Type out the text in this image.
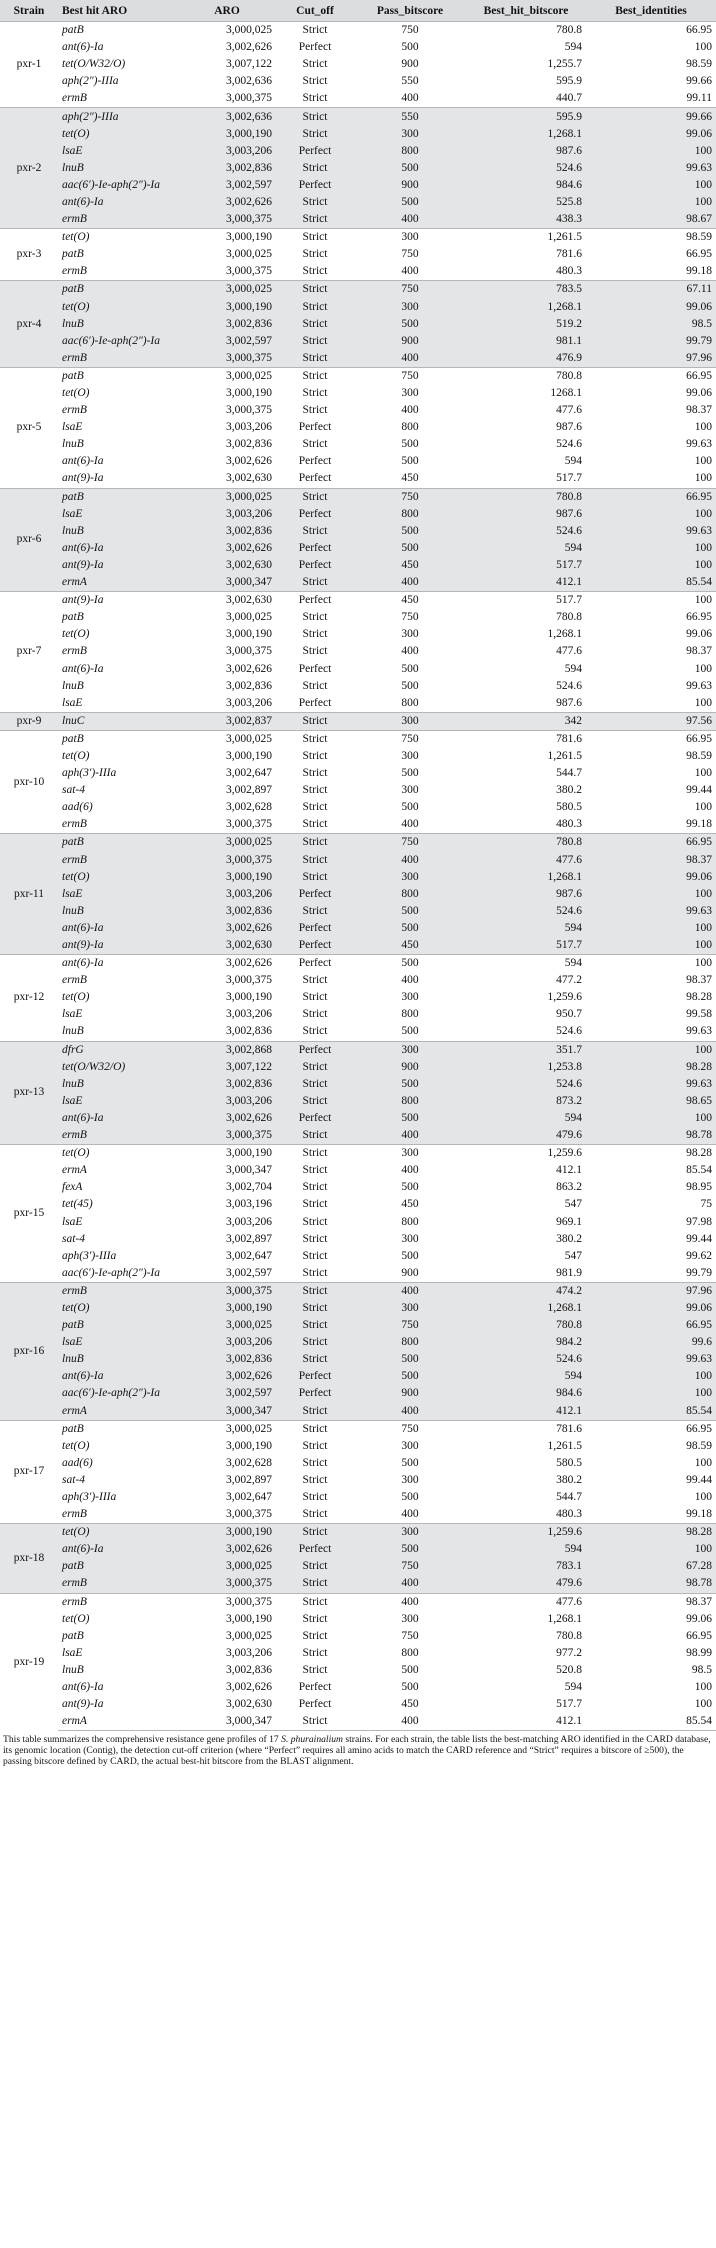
Strain	Best hit ARO	ARO	Cut_off	Pass_bitscore	Best_hit_bitscore	Best_identities
pxr-1	patB	3,000,025	Strict	750	780.8	66.95
	ant(6)-Ia	3,002,626	Perfect	500	594	100
	tet(O/W32/O)	3,007,122	Strict	900	1,255.7	98.59
	aph(2″)-IIIa	3,002,636	Strict	550	595.9	99.66
	ermB	3,000,375	Strict	400	440.7	99.11
pxr-2	aph(2″)-IIIa	3,002,636	Strict	550	595.9	99.66
	tet(O)	3,000,190	Strict	300	1,268.1	99.06
	lsaE	3,003,206	Perfect	800	987.6	100
	lnuB	3,002,836	Strict	500	524.6	99.63
	aac(6′)-Ie-aph(2″)-Ia	3,002,597	Perfect	900	984.6	100
	ant(6)-Ia	3,002,626	Strict	500	525.8	100
	ermB	3,000,375	Strict	400	438.3	98.67
pxr-3	tet(O)	3,000,190	Strict	300	1,261.5	98.59
	patB	3,000,025	Strict	750	781.6	66.95
	ermB	3,000,375	Strict	400	480.3	99.18
pxr-4	patB	3,000,025	Strict	750	783.5	67.11
	tet(O)	3,000,190	Strict	300	1,268.1	99.06
	lnuB	3,002,836	Strict	500	519.2	98.5
	aac(6′)-Ie-aph(2″)-Ia	3,002,597	Strict	900	981.1	99.79
	ermB	3,000,375	Strict	400	476.9	97.96
pxr-5	patB	3,000,025	Strict	750	780.8	66.95
	tet(O)	3,000,190	Strict	300	1268.1	99.06
	ermB	3,000,375	Strict	400	477.6	98.37
	lsaE	3,003,206	Perfect	800	987.6	100
	lnuB	3,002,836	Strict	500	524.6	99.63
	ant(6)-Ia	3,002,626	Perfect	500	594	100
	ant(9)-Ia	3,002,630	Perfect	450	517.7	100
pxr-6	patB	3,000,025	Strict	750	780.8	66.95
	lsaE	3,003,206	Perfect	800	987.6	100
	lnuB	3,002,836	Strict	500	524.6	99.63
	ant(6)-Ia	3,002,626	Perfect	500	594	100
	ant(9)-Ia	3,002,630	Perfect	450	517.7	100
	ermA	3,000,347	Strict	400	412.1	85.54
pxr-7	ant(9)-Ia	3,002,630	Perfect	450	517.7	100
	patB	3,000,025	Strict	750	780.8	66.95
	tet(O)	3,000,190	Strict	300	1,268.1	99.06
	ermB	3,000,375	Strict	400	477.6	98.37
	ant(6)-Ia	3,002,626	Perfect	500	594	100
	lnuB	3,002,836	Strict	500	524.6	99.63
	lsaE	3,003,206	Perfect	800	987.6	100
pxr-9	lnuC	3,002,837	Strict	300	342	97.56
pxr-10	patB	3,000,025	Strict	750	781.6	66.95
	tet(O)	3,000,190	Strict	300	1,261.5	98.59
	aph(3′)-IIIa	3,002,647	Strict	500	544.7	100
	sat-4	3,002,897	Strict	300	380.2	99.44
	aad(6)	3,002,628	Strict	500	580.5	100
	ermB	3,000,375	Strict	400	480.3	99.18
pxr-11	patB	3,000,025	Strict	750	780.8	66.95
	ermB	3,000,375	Strict	400	477.6	98.37
	tet(O)	3,000,190	Strict	300	1,268.1	99.06
	lsaE	3,003,206	Perfect	800	987.6	100
	lnuB	3,002,836	Strict	500	524.6	99.63
	ant(6)-Ia	3,002,626	Perfect	500	594	100
	ant(9)-Ia	3,002,630	Perfect	450	517.7	100
pxr-12	ant(6)-Ia	3,002,626	Perfect	500	594	100
	ermB	3,000,375	Strict	400	477.2	98.37
	tet(O)	3,000,190	Strict	300	1,259.6	98.28
	lsaE	3,003,206	Strict	800	950.7	99.58
	lnuB	3,002,836	Strict	500	524.6	99.63
pxr-13	dfrG	3,002,868	Perfect	300	351.7	100
	tet(O/W32/O)	3,007,122	Strict	900	1,253.8	98.28
	lnuB	3,002,836	Strict	500	524.6	99.63
	lsaE	3,003,206	Strict	800	873.2	98.65
	ant(6)-Ia	3,002,626	Perfect	500	594	100
	ermB	3,000,375	Strict	400	479.6	98.78
pxr-15	tet(O)	3,000,190	Strict	300	1,259.6	98.28
	ermA	3,000,347	Strict	400	412.1	85.54
	fexA	3,002,704	Strict	500	863.2	98.95
	tet(45)	3,003,196	Strict	450	547	75
	lsaE	3,003,206	Strict	800	969.1	97.98
	sat-4	3,002,897	Strict	300	380.2	99.44
	aph(3′)-IIIa	3,002,647	Strict	500	547	99.62
	aac(6′)-Ie-aph(2″)-Ia	3,002,597	Strict	900	981.9	99.79
pxr-16	ermB	3,000,375	Strict	400	474.2	97.96
	tet(O)	3,000,190	Strict	300	1,268.1	99.06
	patB	3,000,025	Strict	750	780.8	66.95
	lsaE	3,003,206	Strict	800	984.2	99.6
	lnuB	3,002,836	Strict	500	524.6	99.63
	ant(6)-Ia	3,002,626	Perfect	500	594	100
	aac(6′)-Ie-aph(2″)-Ia	3,002,597	Perfect	900	984.6	100
	ermA	3,000,347	Strict	400	412.1	85.54
pxr-17	patB	3,000,025	Strict	750	781.6	66.95
	tet(O)	3,000,190	Strict	300	1,261.5	98.59
	aad(6)	3,002,628	Strict	500	580.5	100
	sat-4	3,002,897	Strict	300	380.2	99.44
	aph(3′)-IIIa	3,002,647	Strict	500	544.7	100
	ermB	3,000,375	Strict	400	480.3	99.18
pxr-18	tet(O)	3,000,190	Strict	300	1,259.6	98.28
	ant(6)-Ia	3,002,626	Perfect	500	594	100
	patB	3,000,025	Strict	750	783.1	67.28
	ermB	3,000,375	Strict	400	479.6	98.78
pxr-19	ermB	3,000,375	Strict	400	477.6	98.37
	tet(O)	3,000,190	Strict	300	1,268.1	99.06
	patB	3,000,025	Strict	750	780.8	66.95
	lsaE	3,003,206	Strict	800	977.2	98.99
	lnuB	3,002,836	Strict	500	520.8	98.5
	ant(6)-Ia	3,002,626	Perfect	500	594	100
	ant(9)-Ia	3,002,630	Perfect	450	517.7	100
	ermA	3,000,347	Strict	400	412.1	85.54
This table summarizes the comprehensive resistance gene profiles of 17 S. phurainalium strains. For each strain, the table lists the best-matching ARO identified in the CARD database, its genomic location (Contig), the detection cut-off criterion (where “Perfect” requires all amino acids to match the CARD reference and “Strict” requires a bitscore of ≥500), the passing bitscore defined by CARD, the actual best-hit bitscore from the BLAST alignment.
